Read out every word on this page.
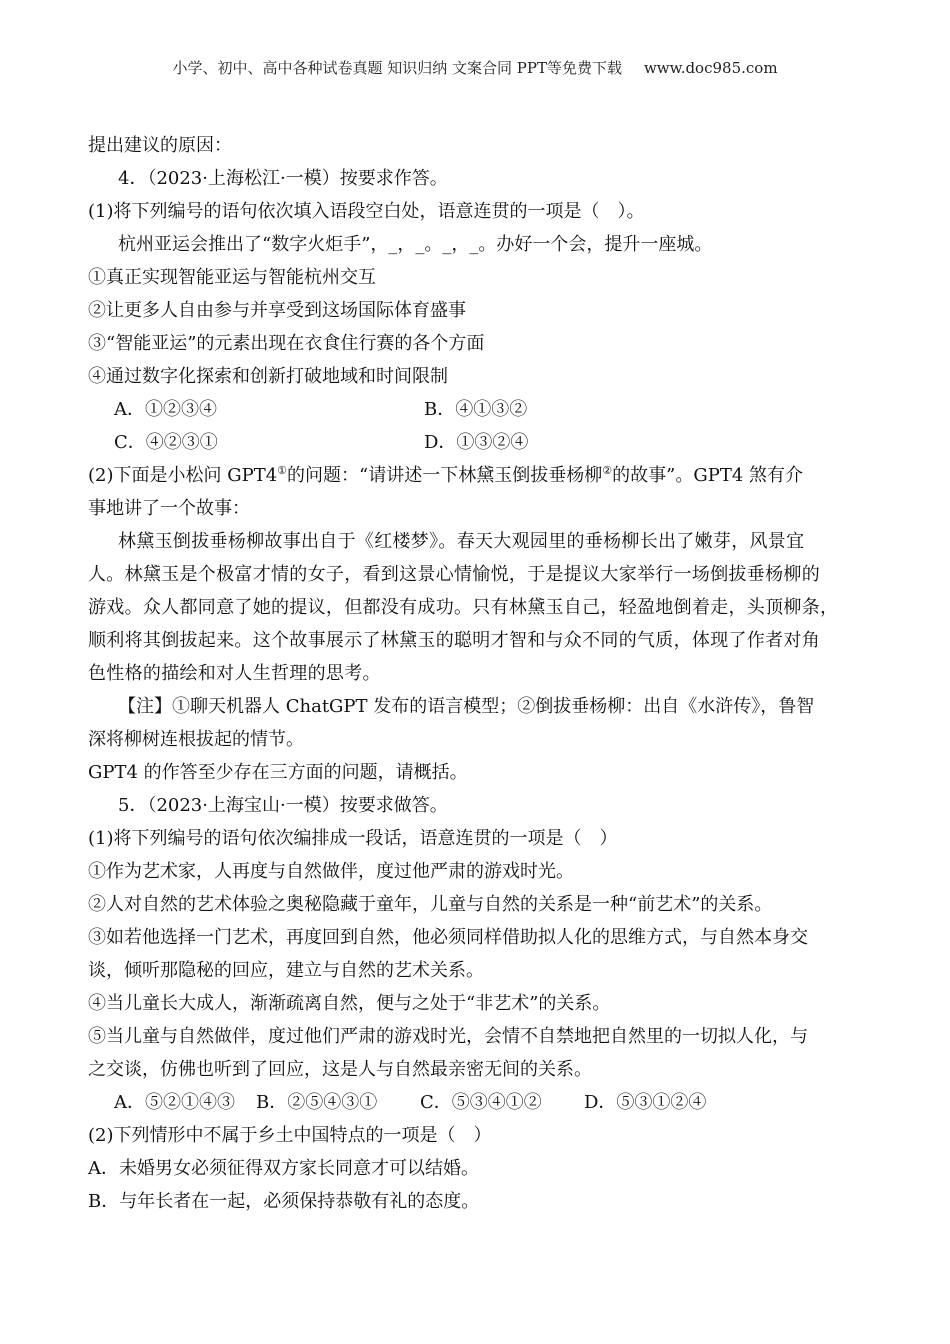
小学、初中、高中各种试卷真题 知识归纳 文案合同 PPT等免费下载 www.doc985.com
提出建议的原因：
4．（2023·上海松江·一模）按要求作答。
(1)将下列编号的语句依次填入语段空白处，语意连贯的一项是（　）。
杭州亚运会推出了“数字火炬手”，_，_。_，_。办好一个会，提升一座城。
①真正实现智能亚运与智能杭州交互
②让更多人自由参与并享受到这场国际体育盛事
③“智能亚运”的元素出现在衣食住行赛的各个方面
④通过数字化探索和创新打破地域和时间限制
A．①②③④	B．④①③②
C．④②③①	D．①③②④
(2)下面是小松问 GPT4①的问题：“请讲述一下林黛玉倒拔垂杨柳②的故事”。GPT4 煞有介
事地讲了一个故事：
林黛玉倒拔垂杨柳故事出自于《红楼梦》。春天大观园里的垂杨柳长出了嫩芽，风景宜
人。林黛玉是个极富才情的女子，看到这景心情愉悦，于是提议大家举行一场倒拔垂杨柳的
游戏。众人都同意了她的提议，但都没有成功。只有林黛玉自己，轻盈地倒着走，头顶柳条，
顺利将其倒拔起来。这个故事展示了林黛玉的聪明才智和与众不同的气质，体现了作者对角
色性格的描绘和对人生哲理的思考。
【注】①聊天机器人 ChatGPT 发布的语言模型；②倒拔垂杨柳：出自《水浒传》，鲁智
深将柳树连根拔起的情节。
GPT4 的作答至少存在三方面的问题，请概括。
5．（2023·上海宝山·一模）按要求做答。
(1)将下列编号的语句依次编排成一段话，语意连贯的一项是（　）
①作为艺术家，人再度与自然做伴，度过他严肃的游戏时光。
②人对自然的艺术体验之奥秘隐藏于童年，儿童与自然的关系是一种“前艺术”的关系。
③如若他选择一门艺术，再度回到自然，他必须同样借助拟人化的思维方式，与自然本身交
谈，倾听那隐秘的回应，建立与自然的艺术关系。
④当儿童长大成人，渐渐疏离自然，便与之处于“非艺术”的关系。
⑤当儿童与自然做伴，度过他们严肃的游戏时光，会情不自禁地把自然里的一切拟人化，与
之交谈，仿佛也听到了回应，这是人与自然最亲密无间的关系。
A．⑤②①④③ B．②⑤④③① C．⑤③④①② D．⑤③①②④
(2)下列情形中不属于乡土中国特点的一项是（　）
A．未婚男女必须征得双方家长同意才可以结婚。
B．与年长者在一起，必须保持恭敬有礼的态度。
